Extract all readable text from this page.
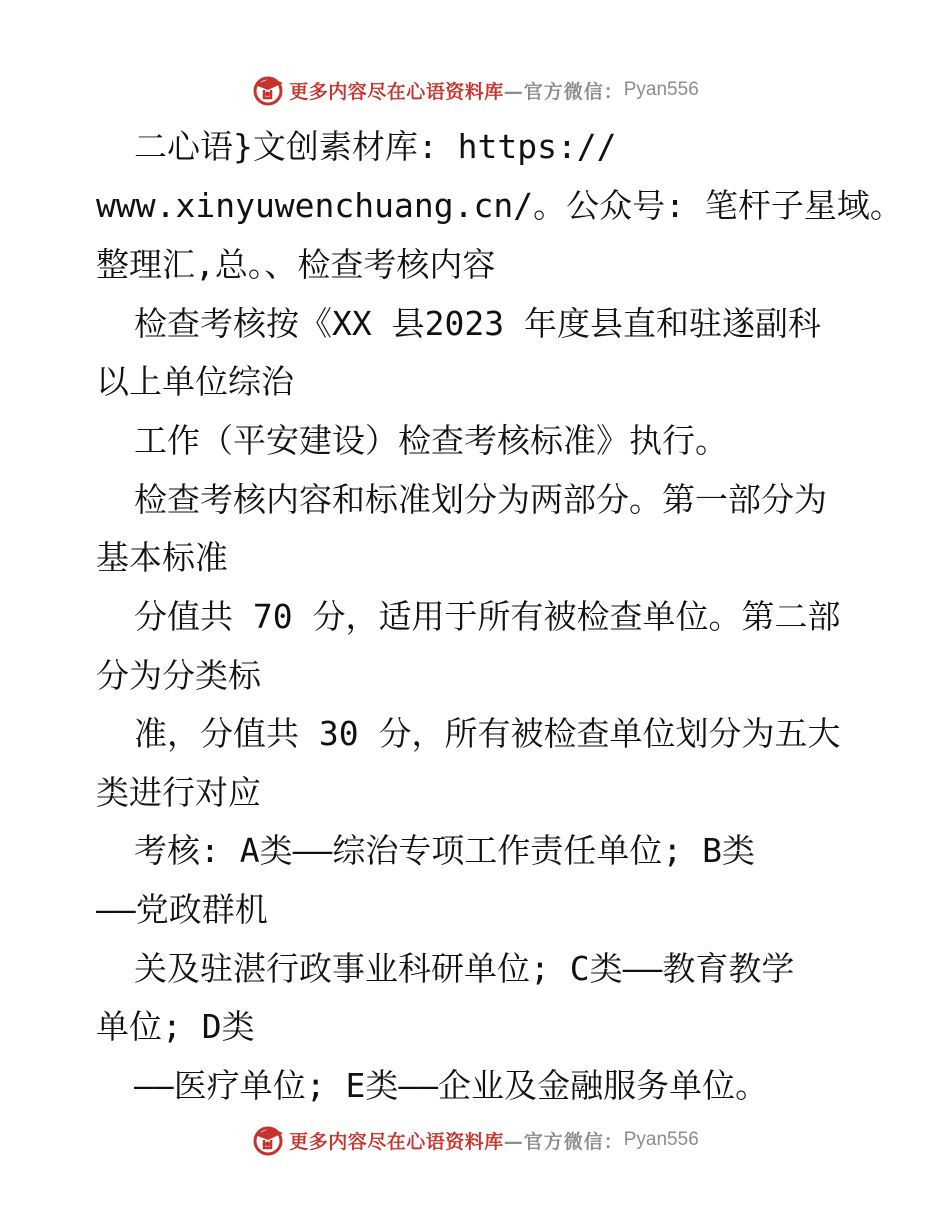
更多内容尽在心语资料库 —官方微信： Pyan556
二心语}文创素材库: https://
www.xinyuwenchuang.cn/。公众号: 笔杆子星域。
整理汇,总。、检查考核内容
检查考核按《XX 县2023 年度县直和驻遂副科
以上单位综治
工作（平安建设）检查考核标准》执行。
检查考核内容和标准划分为两部分。第一部分为
基本标准
分值共 70 分，适用于所有被检查单位。第二部
分为分类标
准，分值共 30 分，所有被检查单位划分为五大
类进行对应
考核: A类——综治专项工作责任单位; B类
——党政群机
关及驻湛行政事业科研单位; C类——教育教学
单位; D类
——医疗单位; E类——企业及金融服务单位。
更多内容尽在心语资料库 —官方微信： Pyan556
